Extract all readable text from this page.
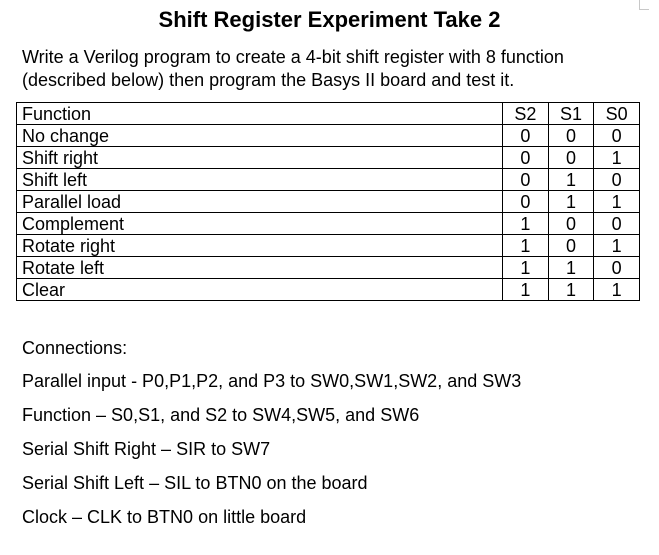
Shift Register Experiment Take 2
Write a Verilog program to create a 4-bit shift register with 8 function (described below) then program the Basys II board and test it.
Function	S2	S1	S0
No change	0	0	0
Shift right	0	0	1
Shift left	0	1	0
Parallel load	0	1	1
Complement	1	0	0
Rotate right	1	0	1
Rotate left	1	1	0
Clear	1	1	1
Connections:
Parallel input - P0,P1,P2, and P3 to SW0,SW1,SW2, and SW3
Function – S0,S1, and S2 to SW4,SW5, and SW6
Serial Shift Right – SIR to SW7
Serial Shift Left – SIL to BTN0 on the board
Clock – CLK to BTN0 on little board
